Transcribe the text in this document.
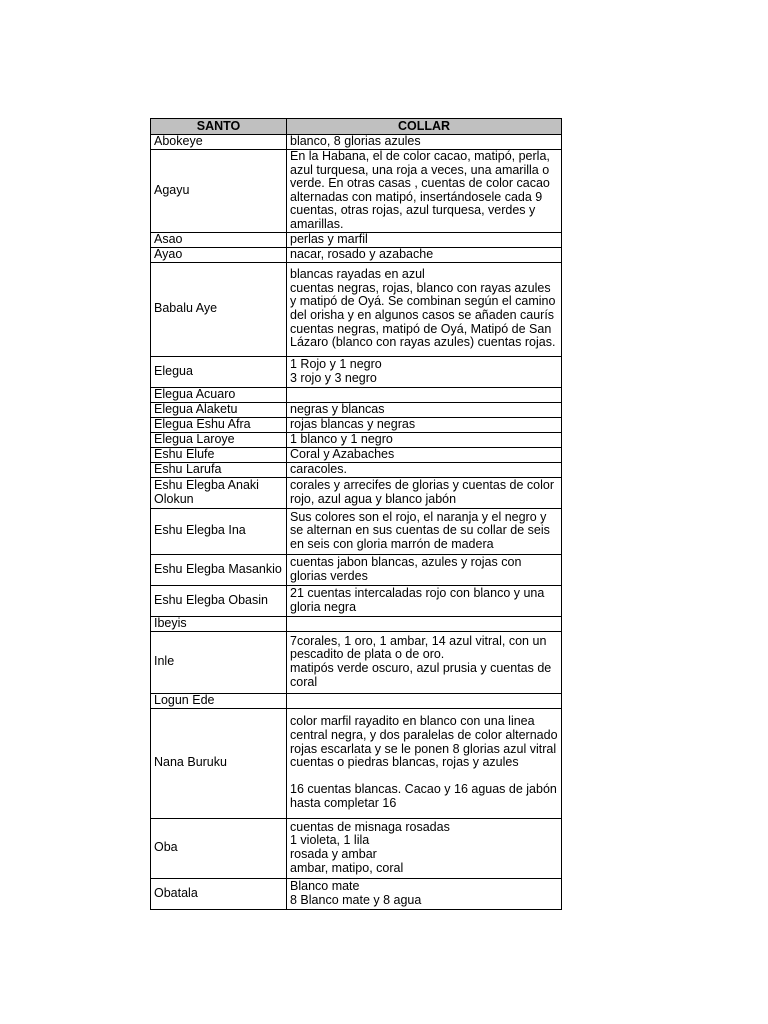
SANTO	COLLAR
Abokeye	blanco, 8 glorias azules
Agayu	En la Habana, el de color cacao, matipó, perla, azul turquesa, una roja a veces, una amarilla o verde. En otras casas , cuentas de color cacao alternadas con matipó, insertándosele cada 9 cuentas, otras rojas, azul turquesa, verdes y amarillas.
Asao	perlas y marfil
Ayao	nacar, rosado y azabache
Babalu Aye	blancas rayadas en azul
cuentas negras, rojas, blanco con rayas azules y matipó de Oyá. Se combinan según el camino del orisha y en algunos casos se añaden caurís
cuentas negras, matipó de Oyá, Matipó de San Lázaro (blanco con rayas azules) cuentas rojas.
Elegua	1 Rojo y 1 negro
3 rojo y 3 negro
Elegua Acuaro	
Elegua Alaketu	negras y blancas
Elegua Eshu Afra	rojas blancas y negras
Elegua Laroye	1 blanco y 1 negro
Eshu Elufe	Coral y Azabaches
Eshu Larufa	caracoles.
Eshu Elegba Anaki Olokun	corales y arrecifes de glorias y cuentas de color rojo, azul agua y blanco jabón
Eshu Elegba Ina	Sus colores son el rojo, el naranja y el negro y se alternan en sus cuentas de su collar de seis en seis con gloria marrón de madera
Eshu Elegba Masankio	cuentas jabon blancas, azules y rojas con glorias verdes
Eshu Elegba Obasin	21 cuentas intercaladas rojo con blanco y una gloria negra
Ibeyis	
Inle	7corales, 1 oro, 1 ambar, 14 azul vitral, con un pescadito de plata o de oro.
matipós verde oscuro, azul prusia y cuentas de coral
Logun Ede	
Nana Buruku	color marfil rayadito en blanco con una linea central negra, y dos paralelas de color alternado rojas escarlata y se le ponen 8 glorias azul vitral
cuentas o piedras blancas, rojas y azules

16 cuentas blancas. Cacao y 16 aguas de jabón hasta completar 16
Oba	cuentas de misnaga rosadas
1 violeta, 1 lila
rosada y ambar
ambar, matipo, coral
Obatala	Blanco mate
8 Blanco mate y 8 agua
